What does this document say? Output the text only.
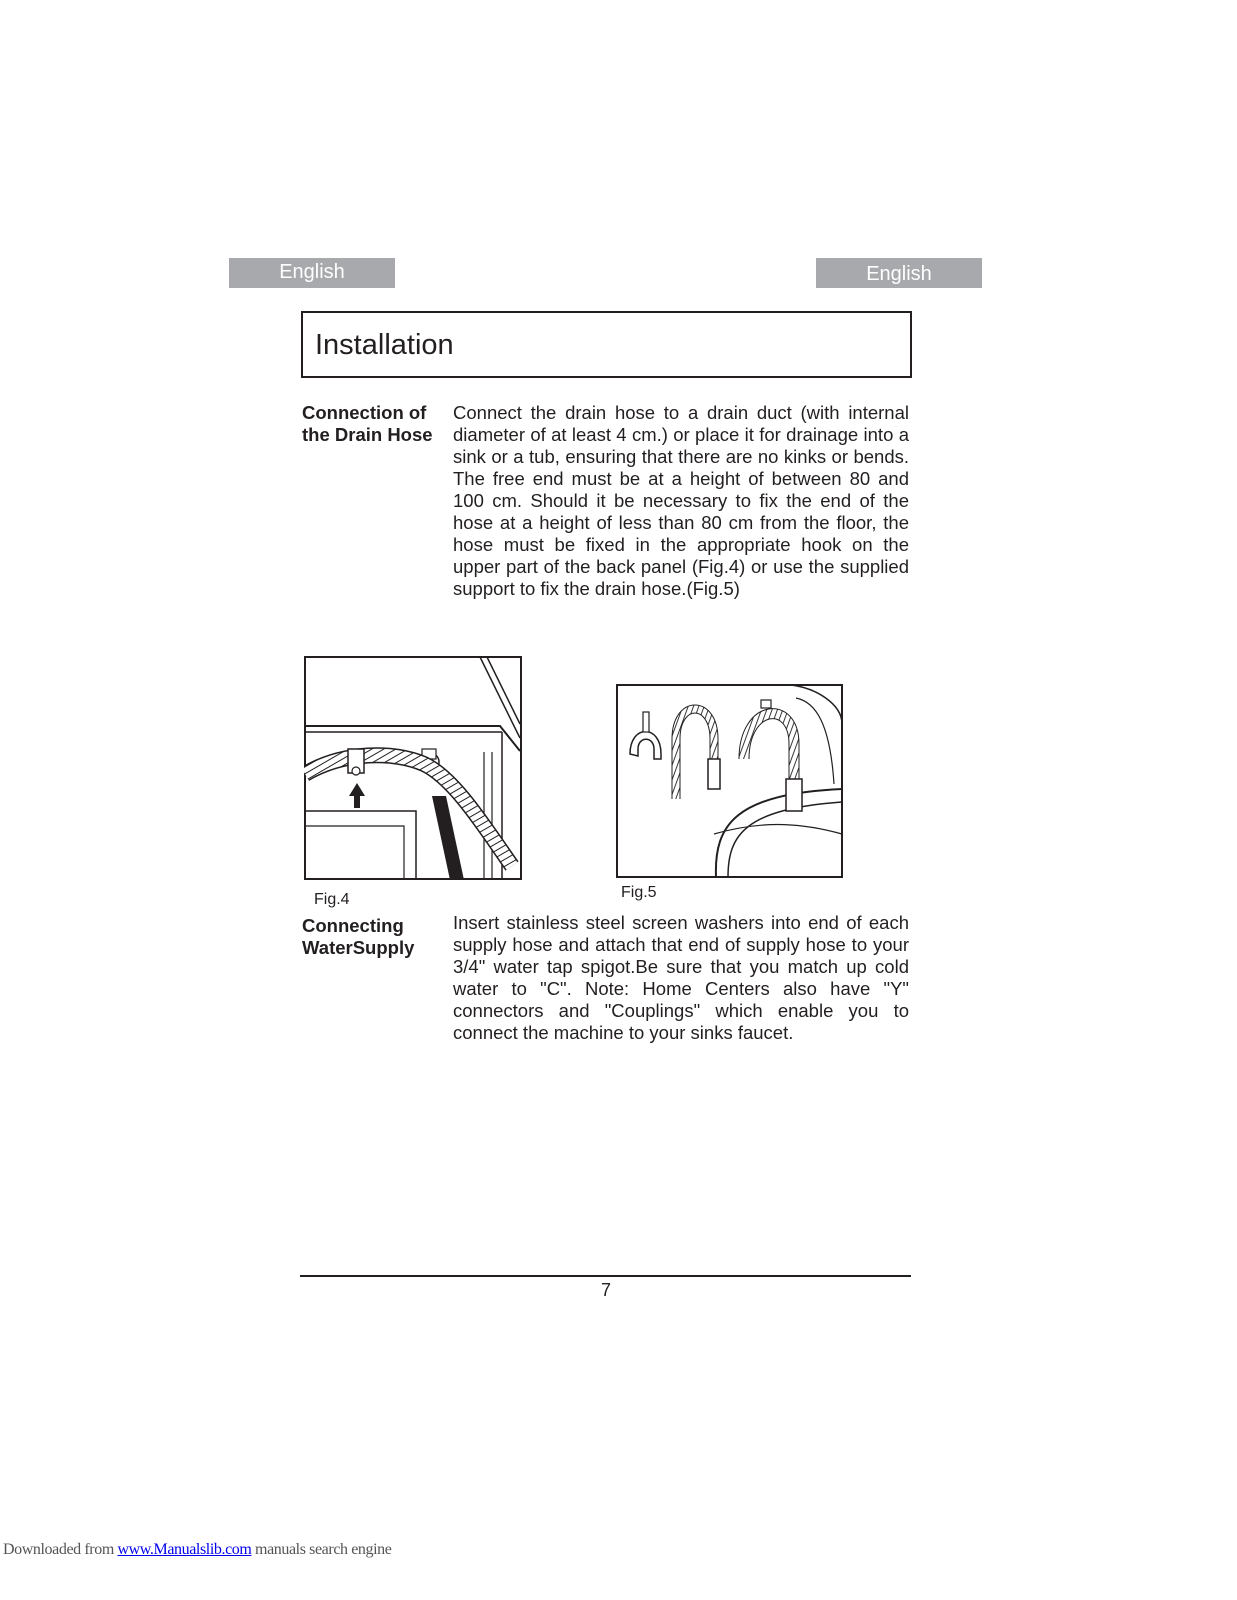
English	English
Installation
Connection of
the Drain Hose
Connect the drain hose to a drain duct (with internal diameter of at least 4 cm.) or place it for drainage into a sink or a tub, ensuring that there are no kinks or bends. The free end must be at a height of between 80 and 100 cm. Should it be necessary to fix the end of the hose at a height of less than 80 cm from the floor, the hose must be fixed in the appropriate hook on the upper part of the back panel (Fig.4) or use the supplied support to fix the drain hose.(Fig.5)
Fig.4	Fig.5
Connecting
WaterSupply
Insert stainless steel screen washers into end of each supply hose and attach that end of supply hose to your 3/4" water tap spigot.Be sure that you match up cold water to "C". Note: Home Centers also have "Y" connectors and "Couplings" which enable you to connect the machine to your sinks faucet.
7
Downloaded from www.Manualslib.com manuals search engine
